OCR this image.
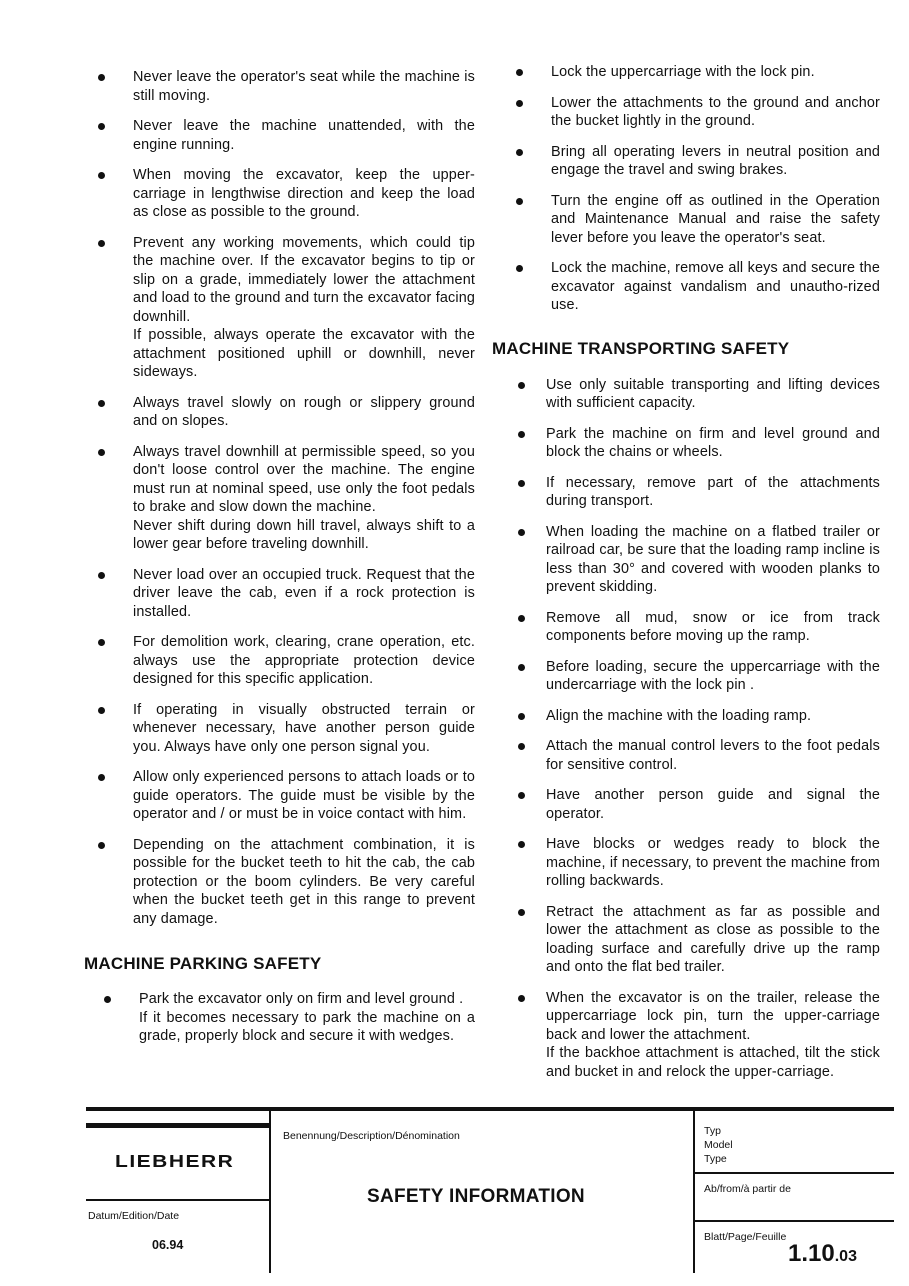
Never leave the operator's seat while the machine is still moving.
Never leave the machine unattended, with the engine running.
When moving the excavator, keep the upper-carriage in lengthwise direction and keep the load as close as possible to the ground.
Prevent any working movements, which could tip the machine over. If the excavator begins to tip or slip on a grade, immediately lower the attachment and load to the ground and turn the excavator facing downhill.
If possible, always operate the excavator with the attachment positioned uphill or downhill, never sideways.
Always travel slowly on rough or slippery ground and on slopes.
Always travel downhill at permissible speed, so you don't loose control over the machine. The engine must run at nominal speed, use only the foot pedals to brake and slow down the machine.
Never shift during down hill travel, always shift to a lower gear before traveling downhill.
Never load over an occupied truck. Request that the driver leave the cab, even if a rock protection is installed.
For demolition work, clearing, crane operation, etc. always use the appropriate protection device designed for this specific application.
If operating in visually obstructed terrain or whenever necessary, have another person guide you. Always have only one person signal you.
Allow only experienced persons to attach loads or to guide operators. The guide must be visible by the operator and / or must be in voice contact with him.
Depending on the attachment combination, it is possible for the bucket teeth to hit the cab, the cab protection or the boom cylinders. Be very careful when the bucket teeth get in this range to prevent any damage.
MACHINE PARKING SAFETY
Park the excavator only on firm and level ground .
If it becomes necessary to park the machine on a grade, properly block and secure it with wedges.
Lock the uppercarriage with the lock pin.
Lower the attachments to the ground and anchor the bucket lightly in the ground.
Bring all operating levers in neutral position and engage the travel and swing brakes.
Turn the engine off as outlined in the Operation and Maintenance Manual and raise the safety lever before you leave the operator's seat.
Lock the machine, remove all keys and secure the excavator against vandalism and unautho-rized use.
MACHINE TRANSPORTING SAFETY
Use only suitable transporting and lifting devices with sufficient capacity.
Park the machine on firm and level ground and block the chains or wheels.
If necessary, remove part of the attachments during transport.
When loading the machine on a flatbed trailer or railroad car, be sure that the loading ramp incline is less than 30° and covered with wooden planks to prevent skidding.
Remove all mud, snow or ice from track components before moving up the ramp.
Before loading, secure the uppercarriage with the undercarriage with the lock pin .
Align the machine with the loading ramp.
Attach the manual control levers to the foot pedals for sensitive control.
Have another person guide and signal the operator.
Have blocks or wedges ready to block the machine, if necessary, to prevent the machine from rolling backwards.
Retract the attachment as far as possible and lower the attachment as close as possible to the loading surface and carefully drive up the ramp and onto the flat bed trailer.
When the excavator is on the trailer, release the uppercarriage lock pin, turn the upper-carriage back and lower the attachment.
If the backhoe attachment is attached, tilt the stick and bucket in and relock the upper-carriage.
LIEBHERR
Benennung/Description/Dénomination
SAFETY INFORMATION
Datum/Edition/Date
06.94
Typ
Model
Type
Ab/from/à partir de
Blatt/Page/Feuille
1.10.03
